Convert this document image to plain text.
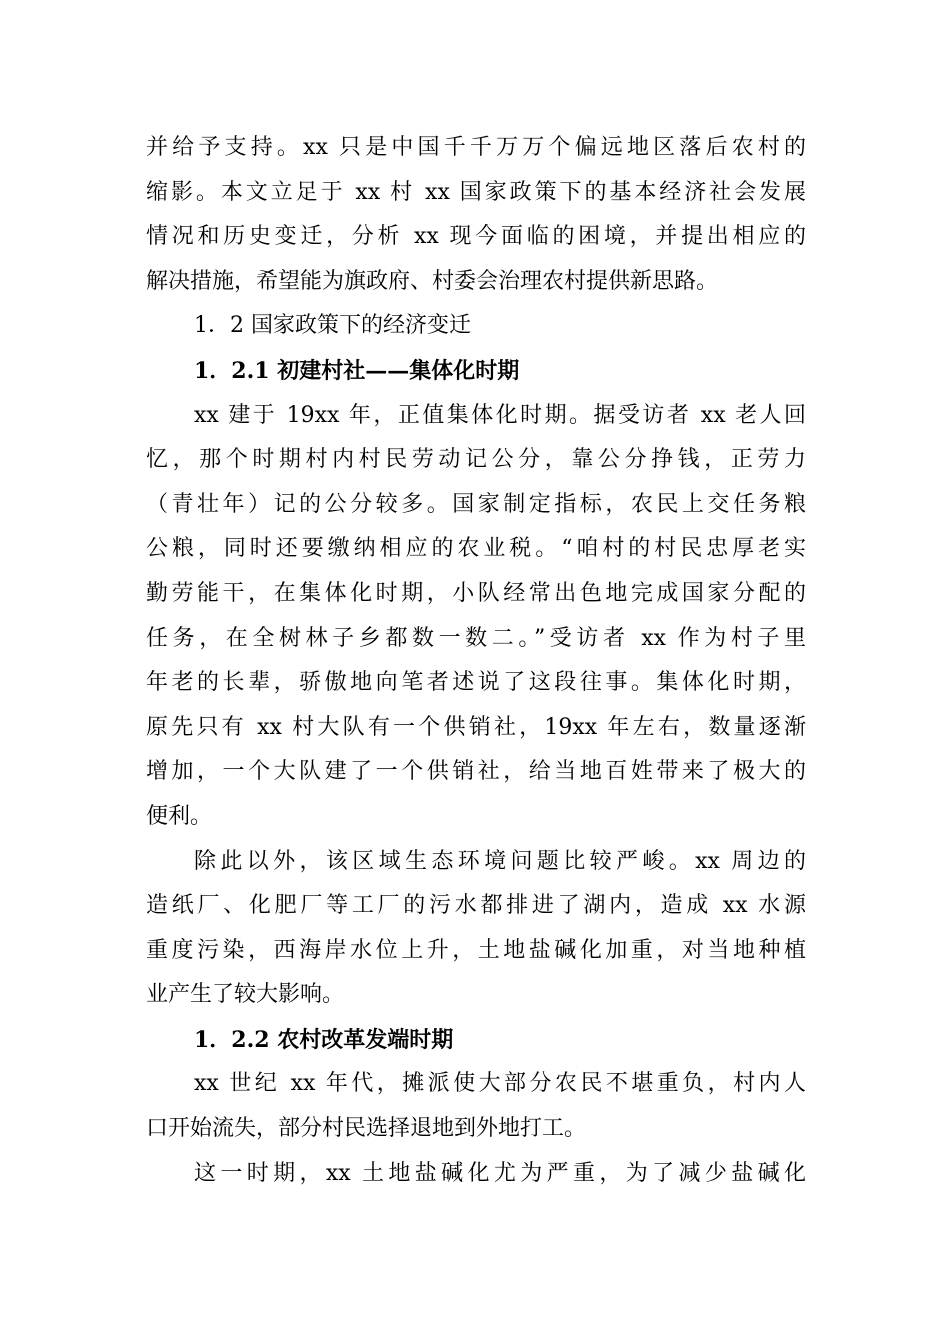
并给予支持。xx 只是中国千千万万个偏远地区落后农村的
缩影。本文立足于 xx 村 xx 国家政策下的基本经济社会发展
情况和历史变迁，分析 xx 现今面临的困境，并提出相应的
解决措施，希望能为旗政府、村委会治理农村提供新思路。
1．2 国家政策下的经济变迁
1．2.1 初建村社——集体化时期
xx 建于 19xx 年，正值集体化时期。据受访者 xx 老人回
忆，那个时期村内村民劳动记公分，靠公分挣钱，正劳力
（青壮年）记的公分较多。国家制定指标，农民上交任务粮
公粮，同时还要缴纳相应的农业税。“咱村的村民忠厚老实
勤劳能干，在集体化时期，小队经常出色地完成国家分配的
任务，在全树林子乡都数一数二。”受访者 xx 作为村子里
年老的长辈，骄傲地向笔者述说了这段往事。集体化时期，
原先只有 xx 村大队有一个供销社，19xx 年左右，数量逐渐
增加，一个大队建了一个供销社，给当地百姓带来了极大的
便利。
除此以外，该区域生态环境问题比较严峻。xx 周边的
造纸厂、化肥厂等工厂的污水都排进了湖内，造成 xx 水源
重度污染，西海岸水位上升，土地盐碱化加重，对当地种植
业产生了较大影响。
1．2.2 农村改革发端时期
xx 世纪 xx 年代，摊派使大部分农民不堪重负，村内人
口开始流失，部分村民选择退地到外地打工。
这一时期，xx 土地盐碱化尤为严重，为了减少盐碱化
